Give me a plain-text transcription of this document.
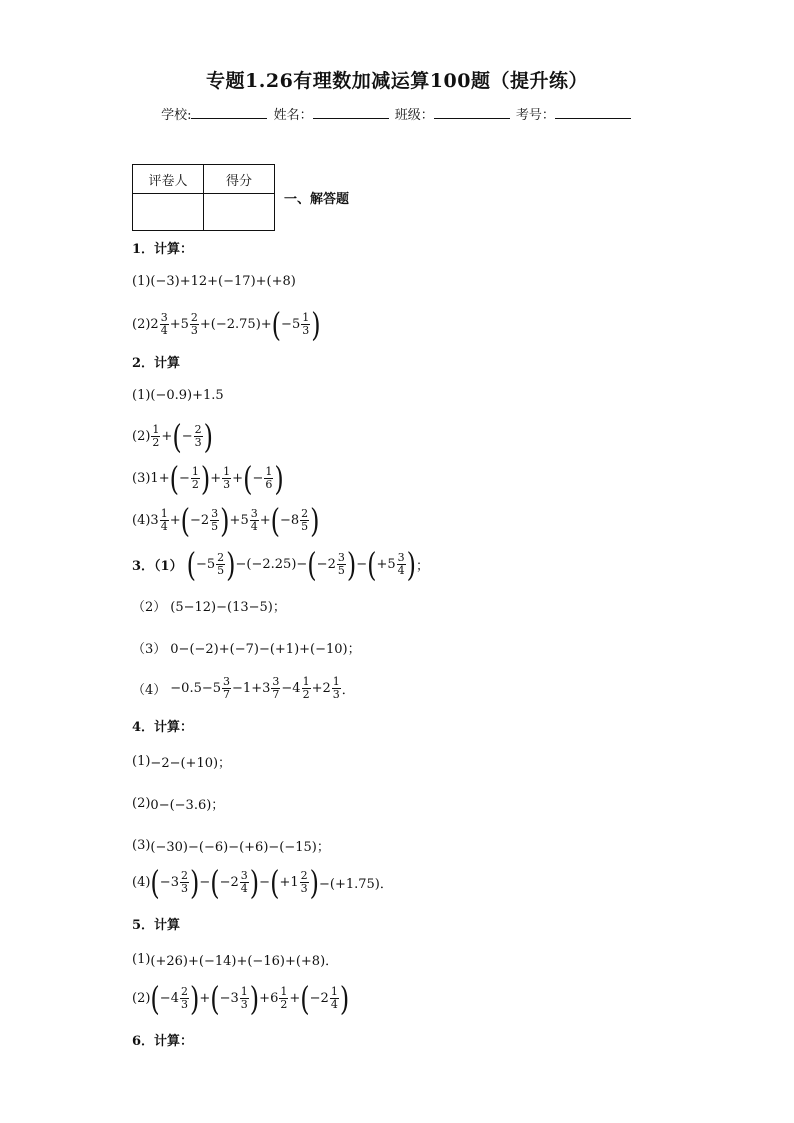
专题1.26有理数加减运算100题（提升练）
学校:	姓名：	班级：	考号：
评卷人	得分

一、解答题
1．计算：
(1) (−3)+12+(−17)+(+8)
(2) 2 3
4 + 5 2
3 +(−2.75)+ ( −5 1
3 )
2．计算
(1) (−0.9)+1.5
(2) 1
2 + ( − $\frac{2}{3}$ )
(3) 1+ ( − $\frac{1}{2}$ ) + $\frac{1}{3}$ + ( − $\frac{1}{6}$ )
(4) 3 1
4 + ( −2 3
5 ) + 5 3
4 + ( −8 2
5 )
3．（1） ( −5 2
5 ) −(−2.25)− ( −2 3
5 ) − ( +5 3
4 ) ；
（2） (5−12)−(13−5)；
（3） 0−(−2)+(−7)−(+1)+(−10)；
（4） −0.5− 5 3
7 −1+ 3 3
7 − 4 1
2 + 2 1
3 ．
4．计算：
(1) −2−(+10)；
(2) 0−(−3.6)；
(3) (−30)−(−6)−(+6)−(−15)；
(4) ( −3 2
3 ) − ( −2 3
4 ) − ( +1 2
3 ) −(+1.75)．
5．计算
(1) (+26)+(−14)+(−16)+(+8)．
(2) ( −4 2
3 ) + ( −3 1
3 ) + 6 1
2 + ( −2 1
4 )
6．计算：
